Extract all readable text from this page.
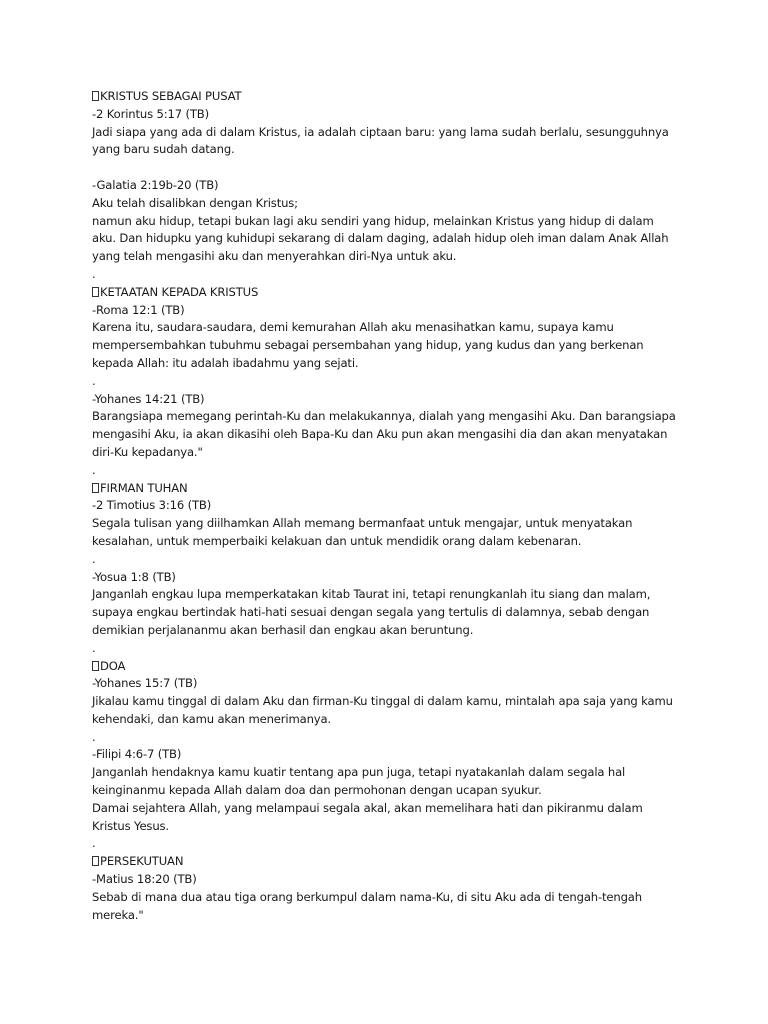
KRISTUS SEBAGAI PUSAT
-2 Korintus 5:17 (TB)
Jadi siapa yang ada di dalam Kristus, ia adalah ciptaan baru: yang lama sudah berlalu, sesungguhnya
yang baru sudah datang.
-Galatia 2:19b-20 (TB)
Aku telah disalibkan dengan Kristus;
namun aku hidup, tetapi bukan lagi aku sendiri yang hidup, melainkan Kristus yang hidup di dalam
aku. Dan hidupku yang kuhidupi sekarang di dalam daging, adalah hidup oleh iman dalam Anak Allah
yang telah mengasihi aku dan menyerahkan diri-Nya untuk aku.
.
KETAATAN KEPADA KRISTUS
-Roma 12:1 (TB)
Karena itu, saudara-saudara, demi kemurahan Allah aku menasihatkan kamu, supaya kamu
mempersembahkan tubuhmu sebagai persembahan yang hidup, yang kudus dan yang berkenan
kepada Allah: itu adalah ibadahmu yang sejati.
.
-Yohanes 14:21 (TB)
Barangsiapa memegang perintah-Ku dan melakukannya, dialah yang mengasihi Aku. Dan barangsiapa
mengasihi Aku, ia akan dikasihi oleh Bapa-Ku dan Aku pun akan mengasihi dia dan akan menyatakan
diri-Ku kepadanya."
.
FIRMAN TUHAN
-2 Timotius 3:16 (TB)
Segala tulisan yang diilhamkan Allah memang bermanfaat untuk mengajar, untuk menyatakan
kesalahan, untuk memperbaiki kelakuan dan untuk mendidik orang dalam kebenaran.
.
-Yosua 1:8 (TB)
Janganlah engkau lupa memperkatakan kitab Taurat ini, tetapi renungkanlah itu siang dan malam,
supaya engkau bertindak hati-hati sesuai dengan segala yang tertulis di dalamnya, sebab dengan
demikian perjalananmu akan berhasil dan engkau akan beruntung.
.
DOA
-Yohanes 15:7 (TB)
Jikalau kamu tinggal di dalam Aku dan firman-Ku tinggal di dalam kamu, mintalah apa saja yang kamu
kehendaki, dan kamu akan menerimanya.
.
-Filipi 4:6-7 (TB)
Janganlah hendaknya kamu kuatir tentang apa pun juga, tetapi nyatakanlah dalam segala hal
keinginanmu kepada Allah dalam doa dan permohonan dengan ucapan syukur.
Damai sejahtera Allah, yang melampaui segala akal, akan memelihara hati dan pikiranmu dalam
Kristus Yesus.
.
PERSEKUTUAN
-Matius 18:20 (TB)
Sebab di mana dua atau tiga orang berkumpul dalam nama-Ku, di situ Aku ada di tengah-tengah
mereka."
